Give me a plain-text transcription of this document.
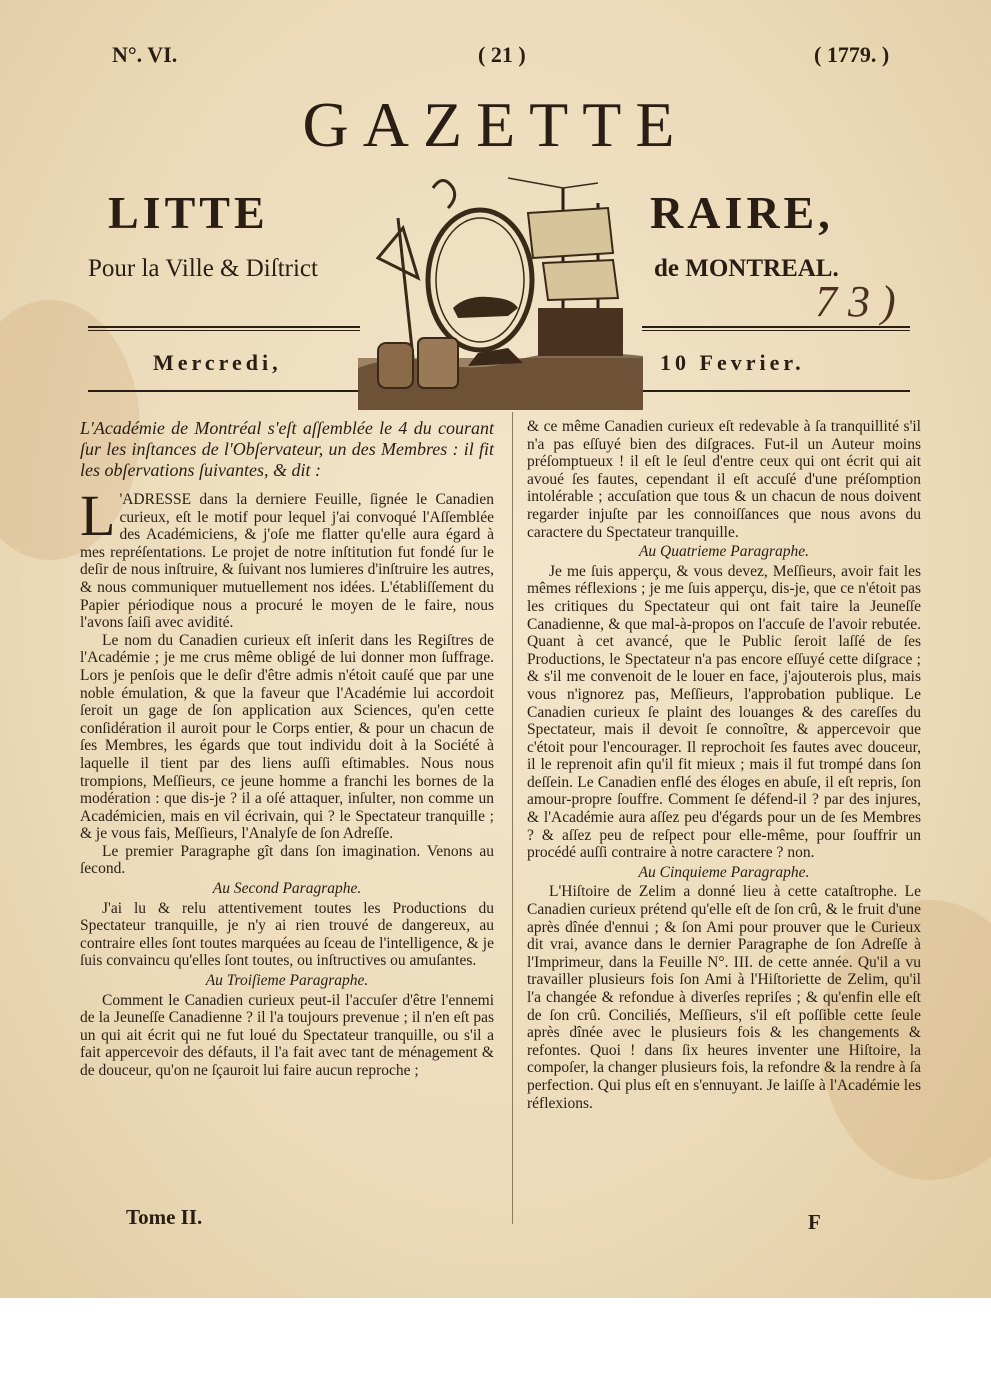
N°. VI.	( 21 )	( 1779. )
GAZETTE
LITTE	RAIRE,
Pour la Ville & Diſtrict	de MONTREAL.
7 3 )
Mercredi,	10 Fevrier.

L'Académie de Montréal s'eſt aſſemblée le 4 du courant ſur les inſtances de l'Obſervateur, un des Membres : il fit les obſervations ſuivantes, & dit :

L 'ADRESSE dans la derniere Feuille, ſignée le Canadien curieux, eſt le motif pour lequel j'ai convoqué l'Aſſemblée des Académiciens, & j'oſe me flatter qu'elle aura égard à mes repréſentations. Le projet de notre inſtitution fut fondé ſur le deſir de nous inſtruire, & ſuivant nos lumieres d'inſtruire les autres, & nous communiquer mutuellement nos idées. L'établiſſement du Papier périodique nous a procuré le moyen de le faire, nous l'avons ſaiſi avec avidité.

Le nom du Canadien curieux eſt inſerit dans les Regiſtres de l'Académie ; je me crus même obligé de lui donner mon ſuffrage. Lors je penſois que le deſir d'être admis n'étoit cauſé que par une noble émulation, & que la faveur que l'Académie lui accordoit ſeroit un gage de ſon application aux Sciences, qu'en cette conſidération il auroit pour le Corps entier, & pour un chacun de ſes Membres, les égards que tout individu doit à la Société à laquelle il tient par des liens auſſi eſtimables. Nous nous trompions, Meſſieurs, ce jeune homme a franchi les bornes de la modération : que dis-je ? il a oſé attaquer, inſulter, non comme un Académicien, mais en vil écrivain, qui ? le Spectateur tranquille ; & je vous fais, Meſſieurs, l'Analyſe de ſon Adreſſe.

Le premier Paragraphe gît dans ſon imagination. Venons au ſecond.

Au Second Paragraphe.

J'ai lu & relu attentivement toutes les Productions du Spectateur tranquille, je n'y ai rien trouvé de dangereux, au contraire elles ſont toutes marquées au ſceau de l'intelligence, & je ſuis convaincu qu'elles ſont toutes, ou inſtructives ou amuſantes.

Au Troiſieme Paragraphe.

Comment le Canadien curieux peut-il l'accuſer d'être l'ennemi de la Jeuneſſe Canadienne ? il l'a toujours prevenue ; il n'en eſt pas un qui ait écrit qui ne fut loué du Spectateur tranquille, ou s'il a fait appercevoir des défauts, il l'a fait avec tant de ménagement & de douceur, qu'on ne ſçauroit lui faire aucun reproche ;

& ce même Canadien curieux eſt redevable à ſa tranquillité s'il n'a pas eſſuyé bien des diſgraces. Fut-il un Auteur moins préſomptueux ! il eſt le ſeul d'entre ceux qui ont écrit qui ait avoué ſes fautes, cependant il eſt accuſé d'une préſomption intolérable ; accuſation que tous & un chacun de nous doivent regarder injuſte par les connoiſſances que nous avons du caractere du Spectateur tranquille.

Au Quatrieme Paragraphe.

Je me ſuis apperçu, & vous devez, Meſſieurs, avoir fait les mêmes réflexions ; je me ſuis apperçu, dis-je, que ce n'étoit pas les critiques du Spectateur qui ont fait taire la Jeuneſſe Canadienne, & que mal-à-propos on l'accuſe de l'avoir rebutée. Quant à cet avancé, que le Public ſeroit laſſé de ſes Productions, le Spectateur n'a pas encore eſſuyé cette diſgrace ; & s'il me convenoit de le louer en face, j'ajouterois plus, mais vous n'ignorez pas, Meſſieurs, l'approbation publique. Le Canadien curieux ſe plaint des louanges & des careſſes du Spectateur, mais il devoit ſe connoître, & appercevoir que c'étoit pour l'encourager. Il reprochoit ſes fautes avec douceur, il le reprenoit afin qu'il fit mieux ; mais il fut trompé dans ſon deſſein. Le Canadien enflé des éloges en abuſe, il eſt repris, ſon amour-propre ſouffre. Comment ſe défend-il ? par des injures, & l'Académie aura aſſez peu d'égards pour un de ſes Membres ? & aſſez peu de reſpect pour elle-même, pour ſouffrir un procédé auſſi contraire à notre caractere ? non.

Au Cinquieme Paragraphe.

L'Hiſtoire de Zelim a donné lieu à cette cataſtrophe. Le Canadien curieux prétend qu'elle eſt de ſon crû, & le fruit d'une après dînée d'ennui ; & ſon Ami pour prouver que le Curieux dit vrai, avance dans le dernier Paragraphe de ſon Adreſſe à l'Imprimeur, dans la Feuille N°. III. de cette année. Qu'il a vu travailler plusieurs fois ſon Ami à l'Hiſtoriette de Zelim, qu'il l'a changée & refondue à diverſes repriſes ; & qu'enfin elle eſt de ſon crû. Conciliés, Meſſieurs, s'il eſt poſſible cette ſeule après dînée avec le plusieurs fois & les changements & refontes. Quoi ! dans ſix heures inventer une Hiſtoire, la compoſer, la changer plusieurs fois, la refondre & la rendre à ſa perfection. Qui plus eſt en s'ennuyant. Je laiſſe à l'Académie les réflexions.

Tome II.	F
